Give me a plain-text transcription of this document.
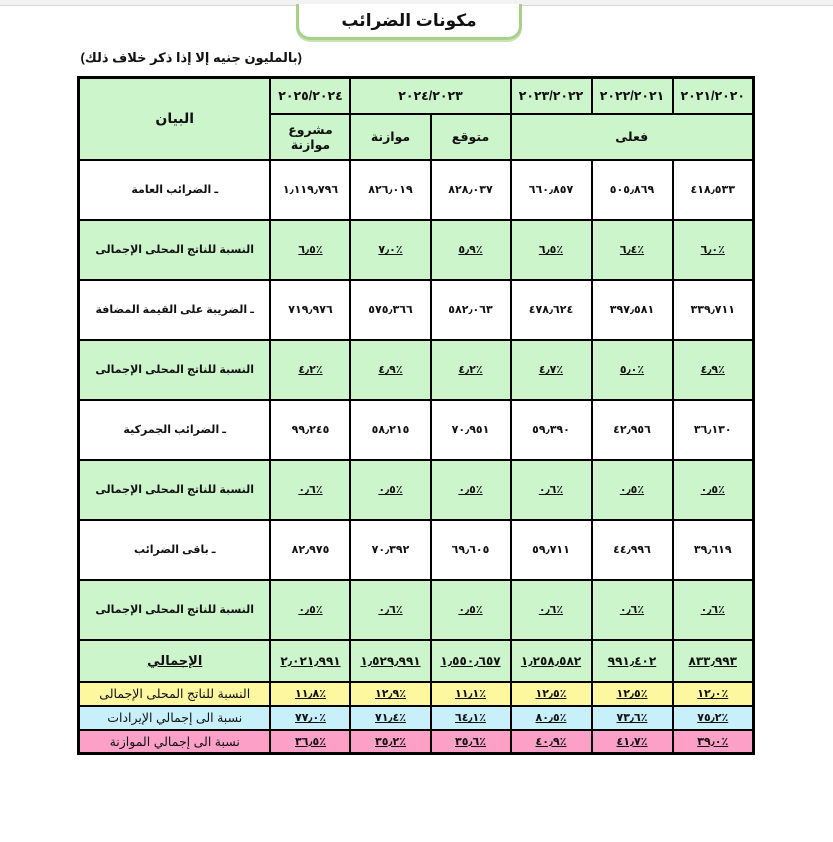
مكونات الضرائب
(بالمليون جنيه إلا إذا ذكر خلاف ذلك)
٢٠٢١/٢٠٢٠	٢٠٢٢/٢٠٢١	٢٠٢٣/٢٠٢٢	٢٠٢٤/٢٠٢٣		٢٠٢٥/٢٠٢٤	البيان
فعلى			متوقع	موازنة	مشروع موازنة	
٤١٨٫٥٣٣	٥٠٥٫٨٦٩	٦٦٠٫٨٥٧	٨٢٨٫٠٣٧	٨٢٦٫٠١٩	١٫١١٩٫٧٩٦	ـ الضرائب العامة
٪٦٫٠	٪٦٫٤	٪٦٫٥	٪٥٫٩	٪٧٫٠	٪٦٫٥	النسبة للناتج المحلى الإجمالى
٣٣٩٫٧١١	٣٩٧٫٥٨١	٤٧٨٫٦٢٤	٥٨٢٫٠٦٣	٥٧٥٫٣٦٦	٧١٩٫٩٧٦	ـ الضريبة على القيمة المضافة
٪٤٫٩	٪٥٫٠	٪٤٫٧	٪٤٫٢	٪٤٫٩	٪٤٫٢	النسبة للناتج المحلى الإجمالى
٣٦٫١٣٠	٤٢٫٩٥٦	٥٩٫٣٩٠	٧٠٫٩٥١	٥٨٫٢١٥	٩٩٫٢٤٥	ـ الضرائب الجمركية
٪٠٫٥	٪٠٫٥	٪٠٫٦	٪٠٫٥	٪٠٫٥	٪٠٫٦	النسبة للناتج المحلى الإجمالى
٣٩٫٦١٩	٤٤٫٩٩٦	٥٩٫٧١١	٦٩٫٦٠٥	٧٠٫٣٩٢	٨٢٫٩٧٥	ـ باقى الضرائب
٪٠٫٦	٪٠٫٦	٪٠٫٦	٪٠٫٥	٪٠٫٦	٪٠٫٥	النسبة للناتج المحلى الإجمالى
٨٣٣٫٩٩٣	٩٩١٫٤٠٢	١٫٢٥٨٫٥٨٢	١٫٥٥٠٫٦٥٧	١٫٥٢٩٫٩٩١	٢٫٠٢١٫٩٩١	الإجمالي
٪١٢٫٠	٪١٢٫٥	٪١٢٫٥	٪١١٫١	٪١٢٫٩	٪١١٫٨	النسبة للناتج المحلى الإجمالى
٪٧٥٫٢	٪٧٣٫٦	٪٨٠٫٥	٪٦٤٫١	٪٧١٫٤	٪٧٧٫٠	نسبة الى إجمالي الإيرادات
٪٣٩٫٠	٪٤١٫٧	٪٤٠٫٩	٪٣٥٫٦	٪٣٥٫٢	٪٣٦٫٥	نسبة الى إجمالي الموازنة
